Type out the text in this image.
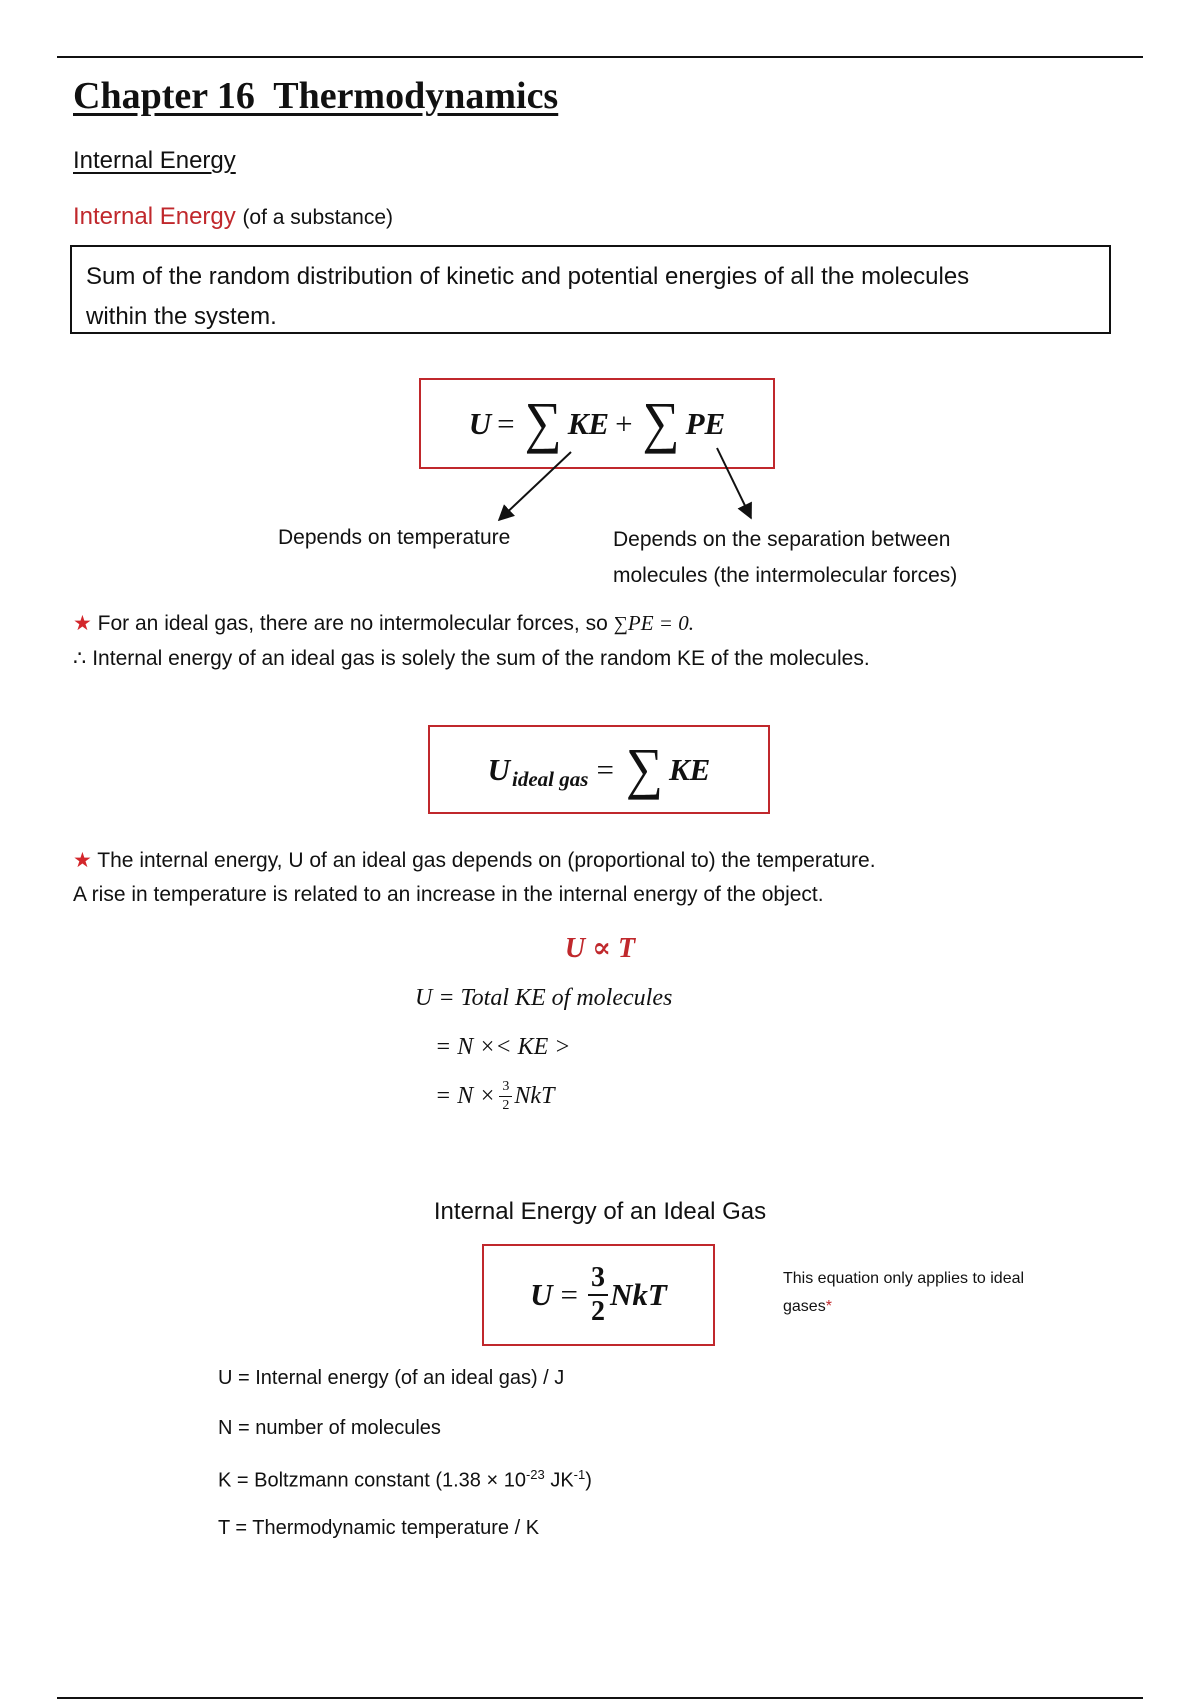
Chapter 16  Thermodynamics
Internal Energy
Internal Energy (of a substance)
Sum of the random distribution of kinetic and potential energies of all the molecules
within the system.
U = ∑ KE + ∑ PE
Depends on temperature	Depends on the separation between
molecules (the intermolecular forces)
★ For an ideal gas, there are no intermolecular forces, so ∑PE = 0.
∴ Internal energy of an ideal gas is solely the sum of the random KE of the molecules.
U ideal gas = ∑ KE
★ The internal energy, U of an ideal gas depends on (proportional to) the temperature.
A rise in temperature is related to an increase in the internal energy of the object.
U ∝ T
U = Total KE of molecules
= N ×< KE >
= $N \times \frac{3}{2}$ NkT
Internal Energy of an Ideal Gas
$U = \frac{3}{2}$ NkT	This equation only applies to ideal
gases*
U = Internal energy (of an ideal gas) / J
N = number of molecules
K = Boltzmann constant ($1.38 \times 10^{-23}$ $JK^{-1}$)
T = Thermodynamic temperature / K
